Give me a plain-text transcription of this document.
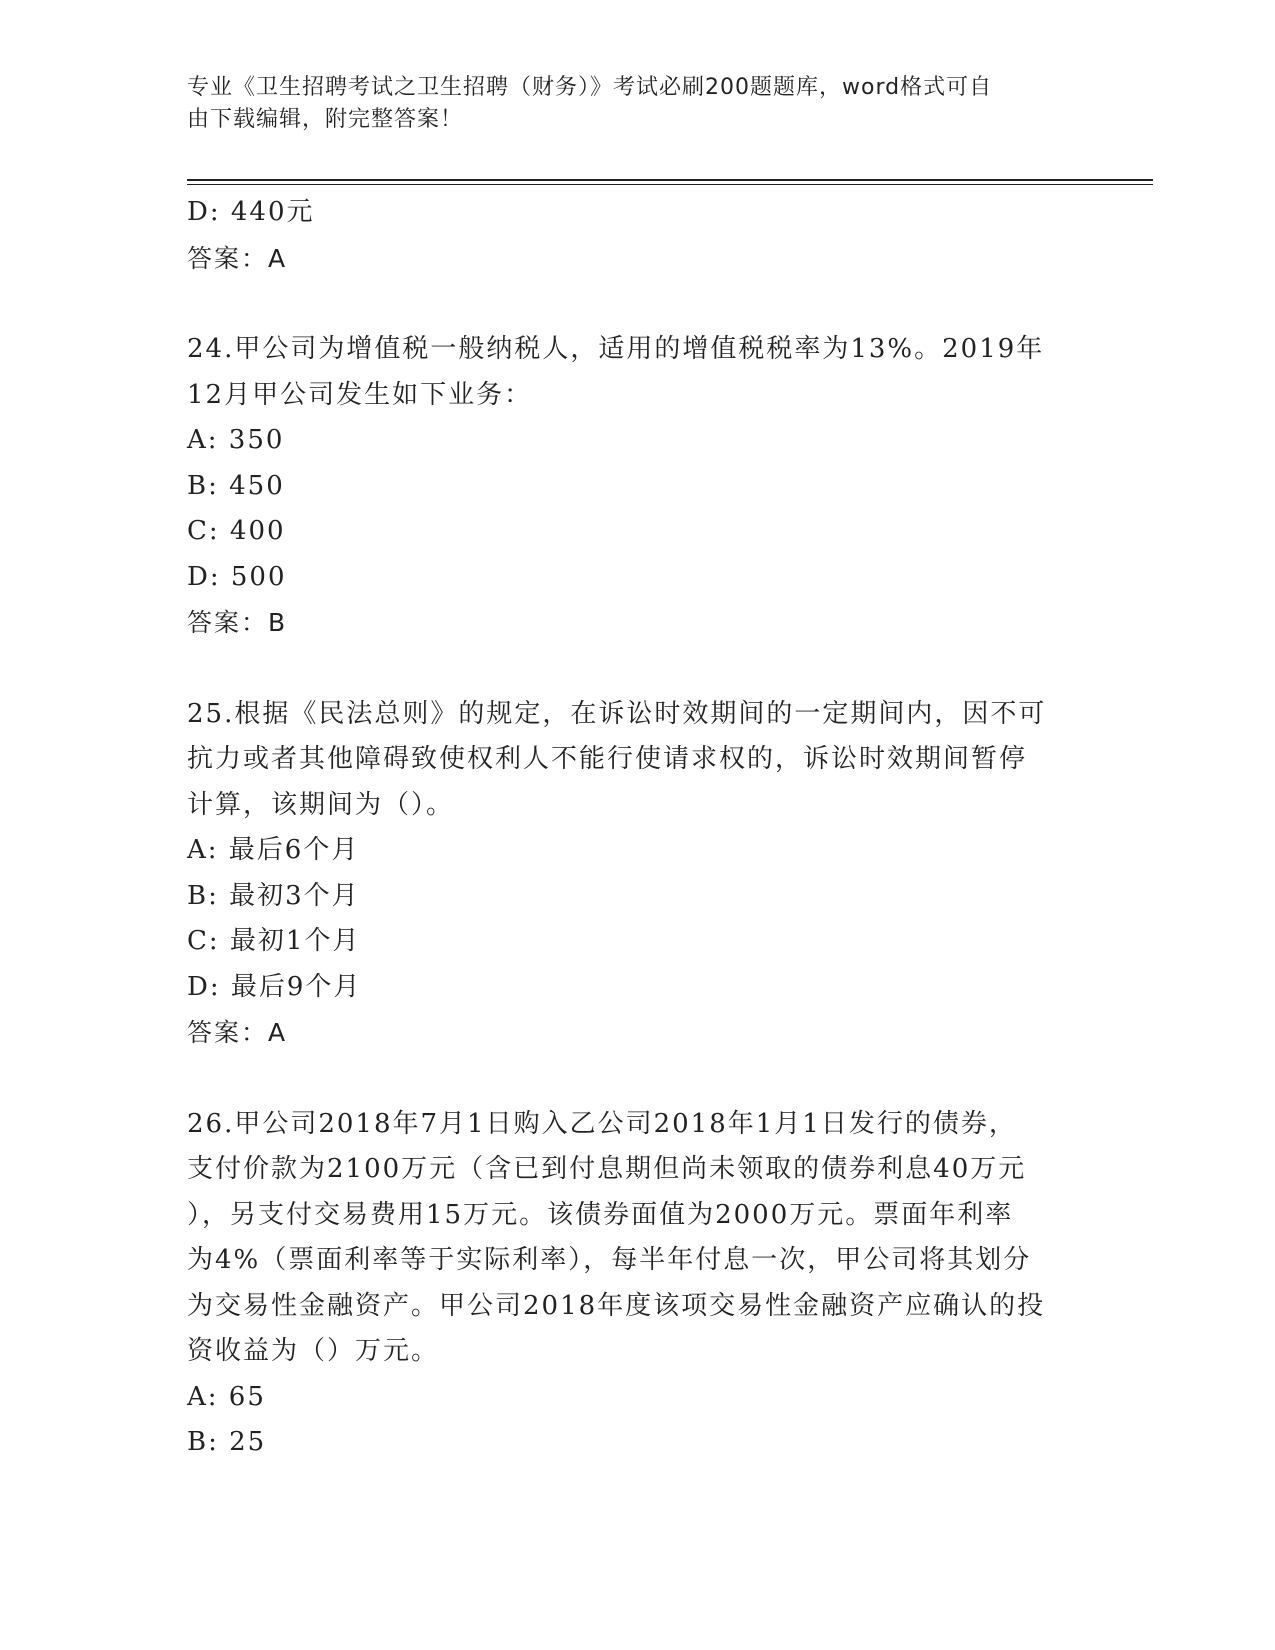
专业《卫生招聘考试之卫生招聘（财务）》考试必刷200题题库，word格式可自
由下载编辑，附完整答案！

D: 440元

答案：A

24.甲公司为增值税一般纳税人，适用的增值税税率为13%。2019年

12月甲公司发生如下业务：

A: 350

B: 450

C: 400

D: 500

答案：B

25.根据《民法总则》的规定，在诉讼时效期间的一定期间内，因不可

抗力或者其他障碍致使权利人不能行使请求权的，诉讼时效期间暂停

计算，该期间为（）。

A: 最后6个月

B: 最初3个月

C: 最初1个月

D: 最后9个月

答案：A

26.甲公司2018年7月1日购入乙公司2018年1月1日发行的债券，

支付价款为2100万元（含已到付息期但尚未领取的债券利息40万元

），另支付交易费用15万元。该债券面值为2000万元。票面年利率

为4%（票面利率等于实际利率），每半年付息一次，甲公司将其划分

为交易性金融资产。甲公司2018年度该项交易性金融资产应确认的投

资收益为（）万元。

A: 65

B: 25
